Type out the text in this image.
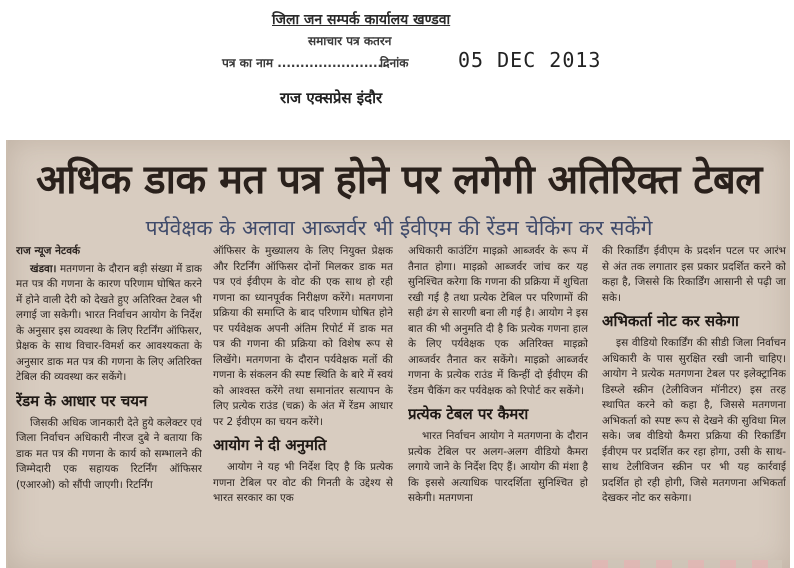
जिला जन सम्पर्क कार्यालय खण्डवा
समाचार पत्र कतरन
पत्र का नाम ........................
दिनांक 05 DEC 2013
राज एक्सप्रेस इंदौर
अधिक डाक मत पत्र होने पर लगेगी अतिरिक्त टेबल
पर्यवेक्षक के अलावा आब्जर्वर भी ईवीएम की रेंडम चेकिंग कर सकेंगे

राज न्यूज नेटवर्क

खंडवा। मतगणना के दौरान बड़ी संख्या में डाक मत पत्र की गणना के कारण परिणाम घोषित करने में होने वाली देरी को देखते हुए अतिरिक्त टेबल भी लगाई जा सकेगी। भारत निर्वाचन आयोग के निर्देश के अनुसार इस व्यवस्था के लिए रिटर्निंग ऑफिसर, प्रेक्षक के साथ विचार-विमर्श कर आवश्यकता के अनुसार डाक मत पत्र की गणना के लिए अतिरिक्त टेबिल की व्यवस्था कर सकेंगे।

रेंडम के आधार पर चयन

जिसकी अधिक जानकारी देते हुये कलेक्टर एवं जिला निर्वाचन अधिकारी नीरज दुबे ने बताया कि डाक मत पत्र की गणना के कार्य को सम्भालने की जिम्मेदारी एक सहायक रिटर्निंग ऑफिसर (एआरओ) को सौंपी जाएगी। रिटर्निंग

ऑफिसर के मुख्यालय के लिए नियुक्त प्रेक्षक और रिटर्निंग ऑफिसर दोनों मिलकर डाक मत पत्र एवं ईवीएम के वोट की एक साथ हो रही गणना का ध्यानपूर्वक निरीक्षण करेंगे। मतगणना प्रक्रिया की समाप्ति के बाद परिणाम घोषित होने पर पर्यवेक्षक अपनी अंतिम रिपोर्ट में डाक मत पत्र की गणना की प्रक्रिया को विशेष रूप से लिखेंगे। मतगणना के दौरान पर्यवेक्षक मतों की गणना के संकलन की स्पष्ट स्थिति के बारे में स्वयं को आश्वस्त करेंगे तथा समानांतर सत्यापन के लिए प्रत्येक राउंड (चक्र) के अंत में रेंडम आधार पर 2 ईवीएम का चयन करेंगे।

आयोग ने दी अनुमति

आयोग ने यह भी निर्देश दिए है कि प्रत्येक गणना टेबिल पर वोट की गिनती के उद्देश्य से भारत सरकार का एक

अधिकारी काउंटिंग माइक्रो आब्जर्वर के रूप में तैनात होगा। माइक्रो आब्जर्वर जांच कर यह सुनिश्चित करेगा कि गणना की प्रक्रिया में शुचिता रखी गई है तथा प्रत्येक टेबिल पर परिणामों की सही ढंग से सारणी बना ली गई है। आयोग ने इस बात की भी अनुमति दी है कि प्रत्येक गणना हाल के लिए पर्यवेक्षक एक अतिरिक्त माइक्रो आब्जर्वर तैनात कर सकेंगे। माइक्रो आब्जर्वर गणना के प्रत्येक राउंड में किन्हीं दो ईवीएम की रेंडम चैकिंग कर पर्यवेक्षक को रिपोर्ट कर सकेंगे।

प्रत्येक टेबल पर कैमरा

भारत निर्वाचन आयोग ने मतगणना के दौरान प्रत्येक टेबिल पर अलग-अलग वीडियो कैमरा लगाये जाने के निर्देश दिए हैं। आयोग की मंशा है कि इससे अत्याधिक पारदर्शिता सुनिश्चित हो सकेगी। मतगणना

की रिकार्डिंग ईवीएम के प्रदर्शन पटल पर आरंभ से अंत तक लगातार इस प्रकार प्रदर्शित करने को कहा है, जिससे कि रिकार्डिंग आसानी से पढ़ी जा सके।

अभिकर्ता नोट कर सकेगा

इस वीडियो रिकार्डिंग की सीडी जिला निर्वाचन अधिकारी के पास सुरक्षित रखी जानी चाहिए। आयोग ने प्रत्येक मतगणना टेबल पर इलेक्ट्रानिक डिस्प्ले स्क्रीन (टेलीविजन मॉनीटर) इस तरह स्थापित करने को कहा है, जिससे मतगणना अभिकर्ता को स्पष्ट रूप से देखने की सुविधा मिल सके। जब वीडियो कैमरा प्रक्रिया की रिकार्डिंग ईवीएम पर प्रदर्शित कर रहा होगा, उसी के साथ-साथ टेलीविजन स्क्रीन पर भी यह कार्रवाई प्रदर्शित हो रही होगी, जिसे मतगणना अभिकर्ता देखकर नोट कर सकेगा।
